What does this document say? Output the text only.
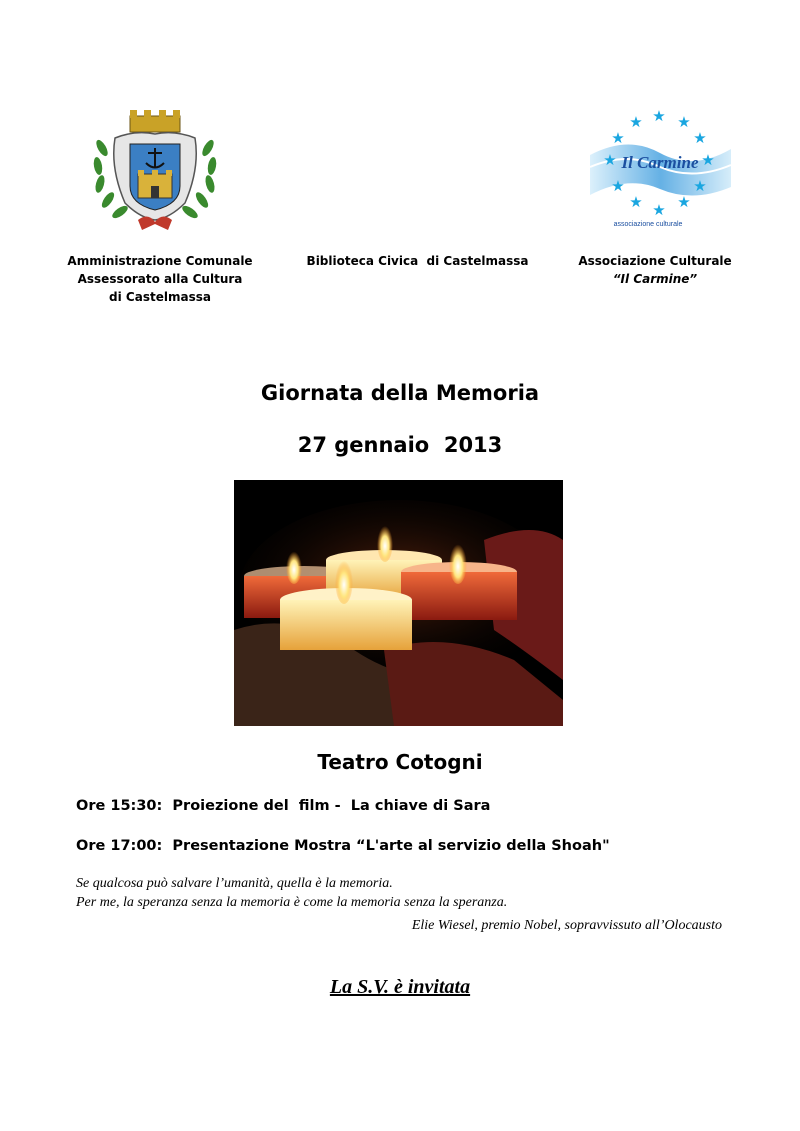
Il Carmine
associazione culturale
★
★ ★
★	★
★	★
★	★
★ ★
★
Amministrazione Comunale
Assessorato alla Cultura
di Castelmassa
Biblioteca Civica  di Castelmassa	Associazione Culturale
“Il Carmine”
Giornata della Memoria
27 gennaio  2013
Teatro Cotogni
Ore 15:30:  Proiezione del  film -  La chiave di Sara
Ore 17:00:  Presentazione Mostra “L'arte al servizio della Shoah"
Se qualcosa può salvare l’umanità, quella è la memoria.
Per me, la speranza senza la memoria è come la memoria senza la speranza.
Elie Wiesel, premio Nobel, sopravvissuto all’Olocausto
La S.V. è invitata
